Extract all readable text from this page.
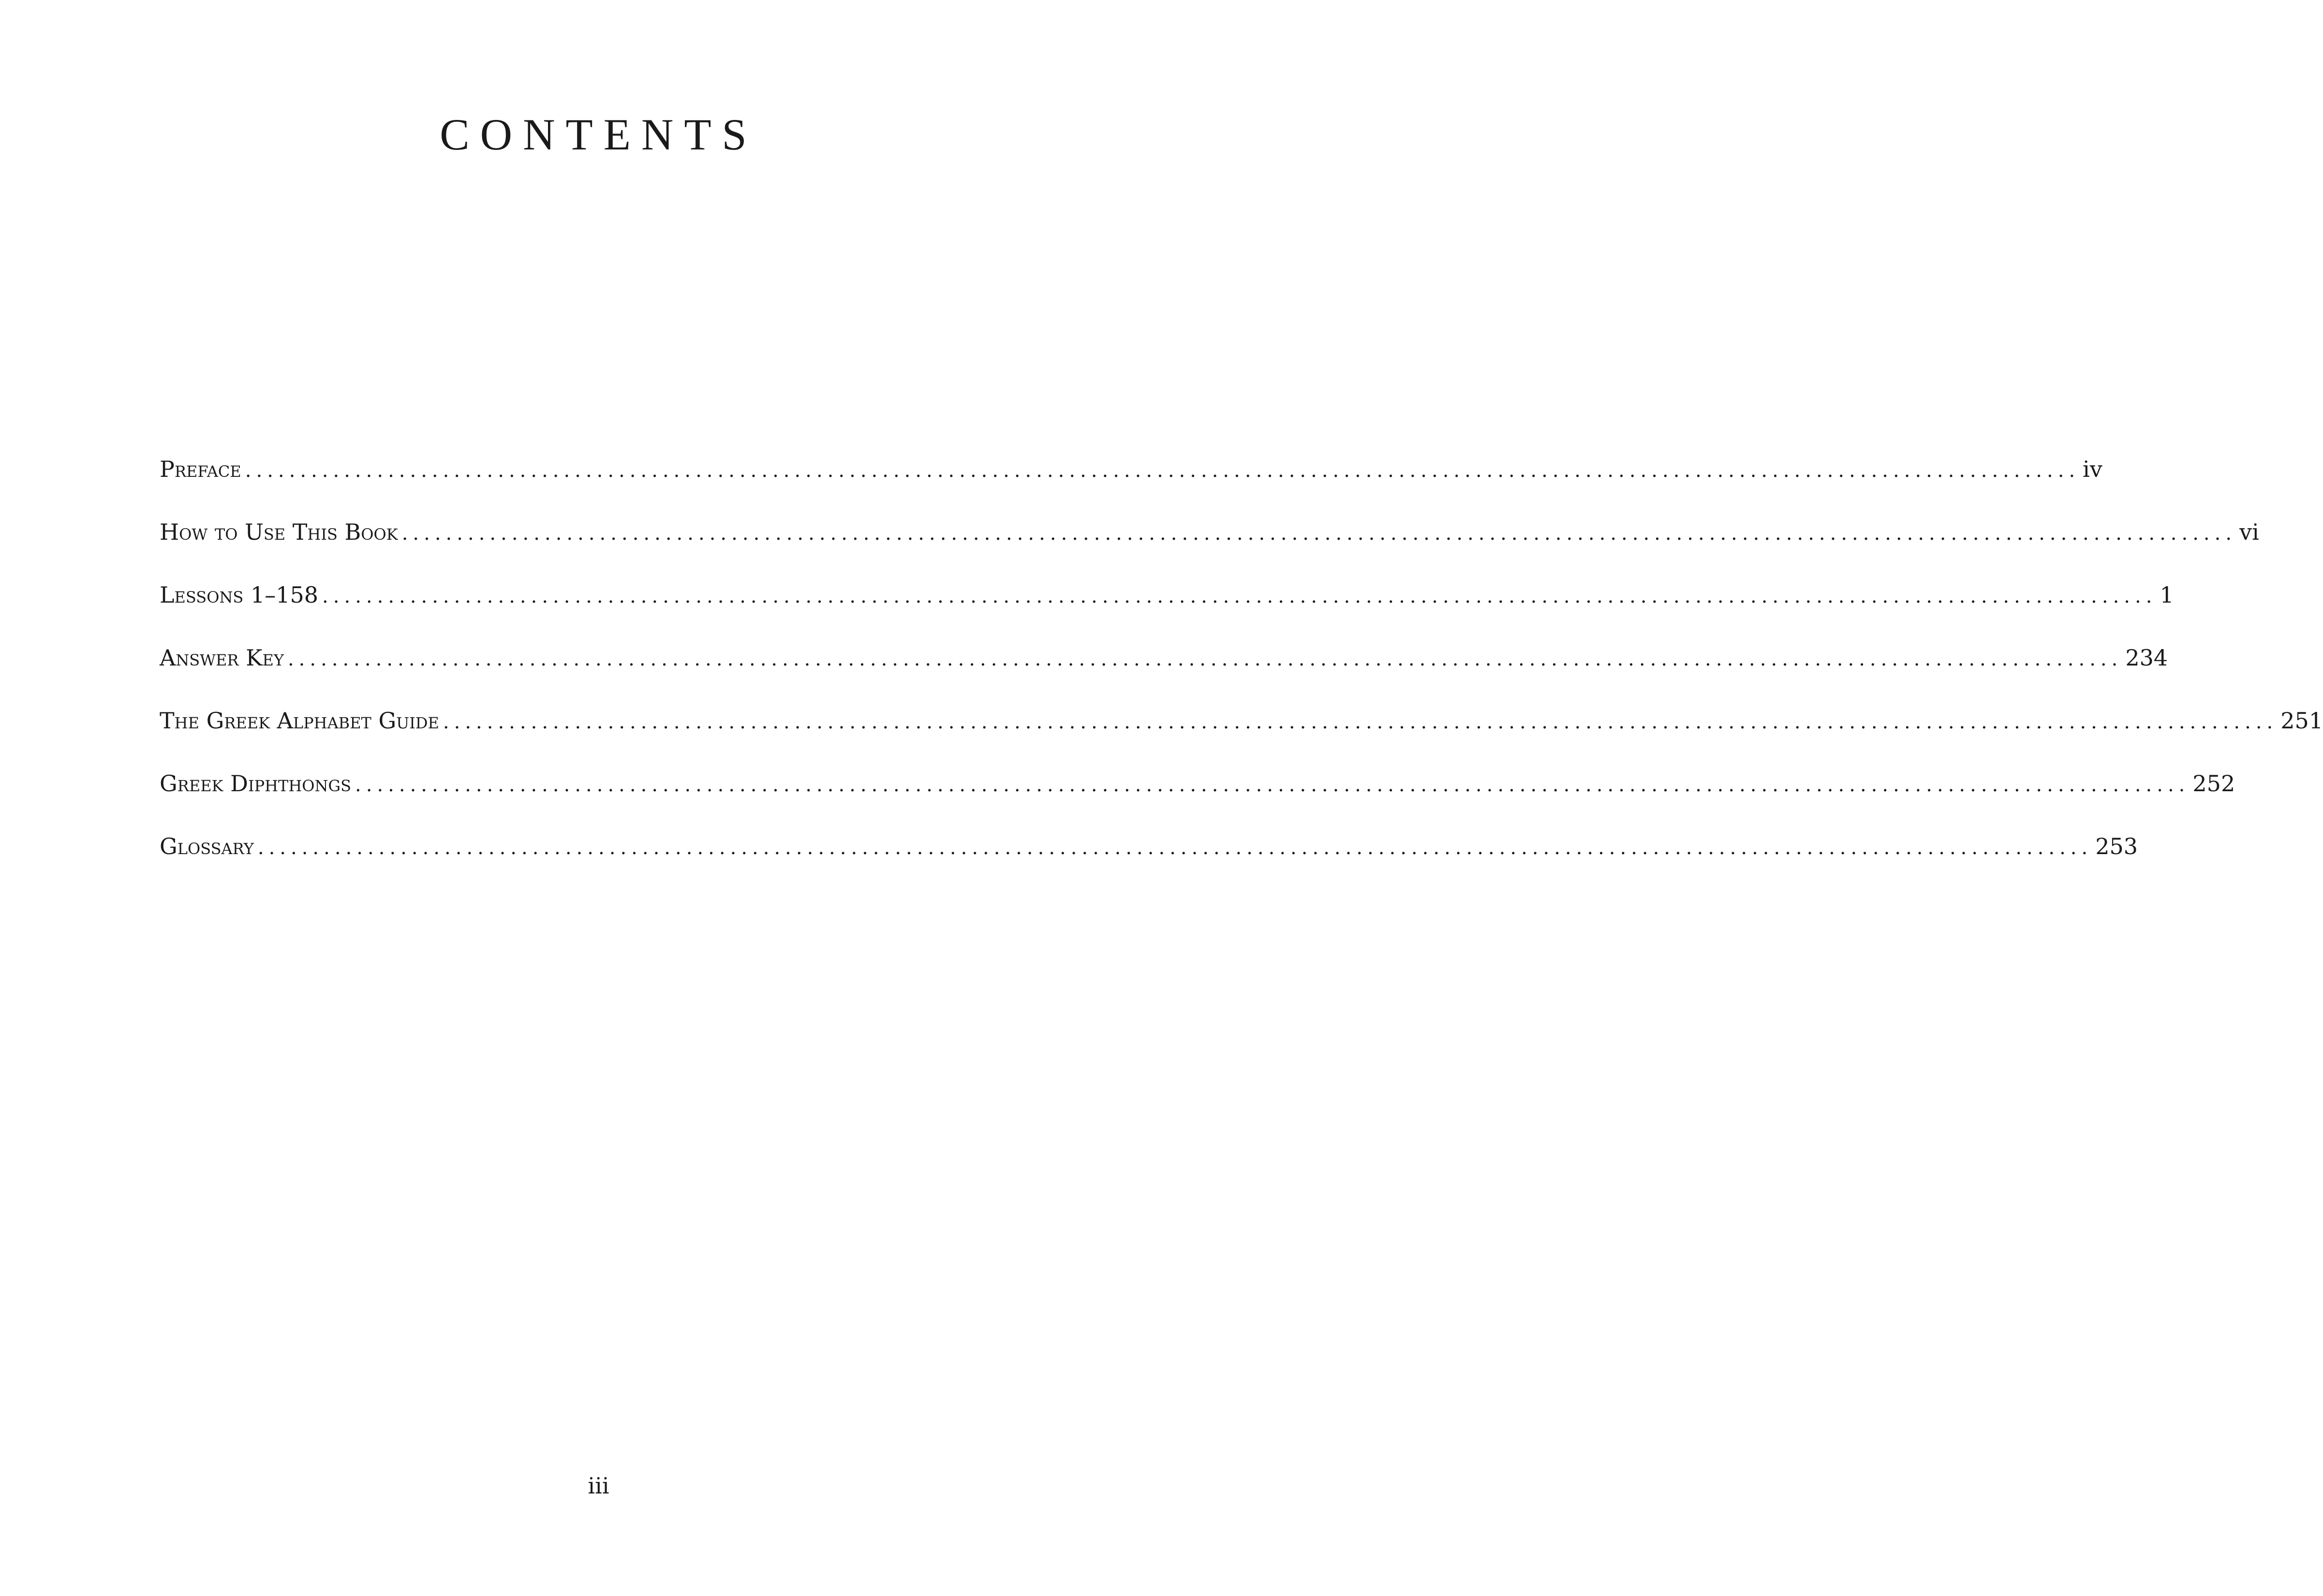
CONTENTS
Preface ....................................................................................................................................................................... iv
How to Use This Book ....................................................................................................................................................................... vi
Lessons 1–158 ....................................................................................................................................................................... 1
Answer Key ....................................................................................................................................................................... 234
The Greek Alphabet Guide ....................................................................................................................................................................... 251
Greek Diphthongs ....................................................................................................................................................................... 252
Glossary ....................................................................................................................................................................... 253
iii
